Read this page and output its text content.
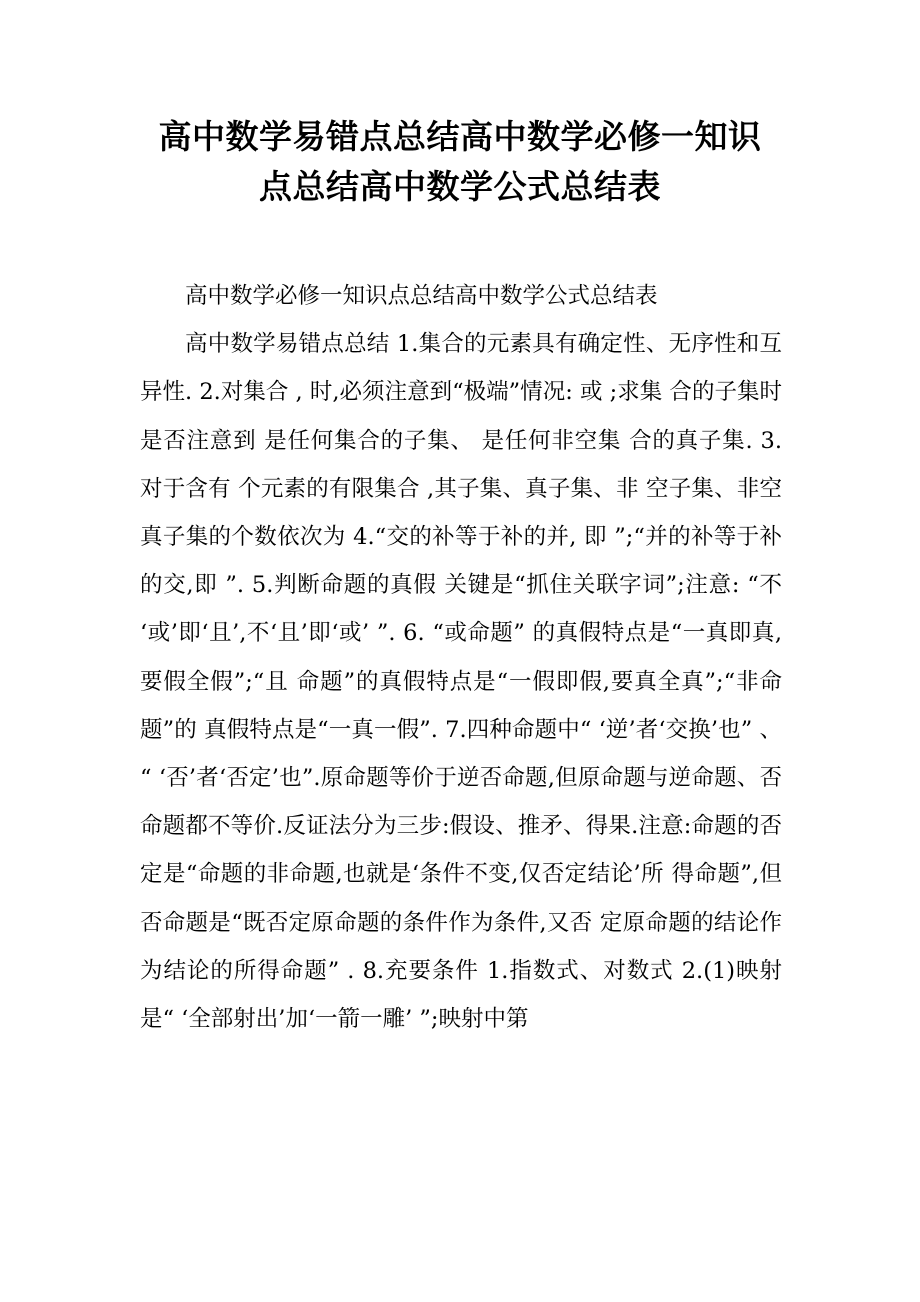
高中数学易错点总结高中数学必修一知识
点总结高中数学公式总结表

高中数学必修一知识点总结高中数学公式总结表

高中数学易错点总结 1.集合的元素具有确定性、无序性和互异性. 2.对集合 , 时,必须注意到“极端”情况: 或 ;求集 合的子集时是否注意到 是任何集合的子集、 是任何非空集 合的真子集. 3.对于含有 个元素的有限集合 ,其子集、真子集、非 空子集、非空真子集的个数依次为 4.“交的补等于补的并, 即 ”;“并的补等于补的交,即 ”. 5.判断命题的真假 关键是“抓住关联字词”;注意: “不 ‘或’即‘且’,不‘且’即‘或’ ”. 6. “或命题” 的真假特点是“一真即真,要假全假”;“且 命题”的真假特点是“一假即假,要真全真”;“非命题”的 真假特点是“一真一假”. 7.四种命题中“ ‘逆’者‘交换’也” 、 “ ‘否’者‘否定’也”.原命题等价于逆否命题,但原命题与逆命题、否命题都不等价.反证法分为三步:假设、推矛、得果.注意:命题的否定是“命题的非命题,也就是‘条件不变,仅否定结论’所 得命题”,但否命题是“既否定原命题的条件作为条件,又否 定原命题的结论作为结论的所得命题” . 8.充要条件 1.指数式、对数式 2.(1)映射是“ ‘全部射出’加‘一箭一雕’ ”;映射中第
